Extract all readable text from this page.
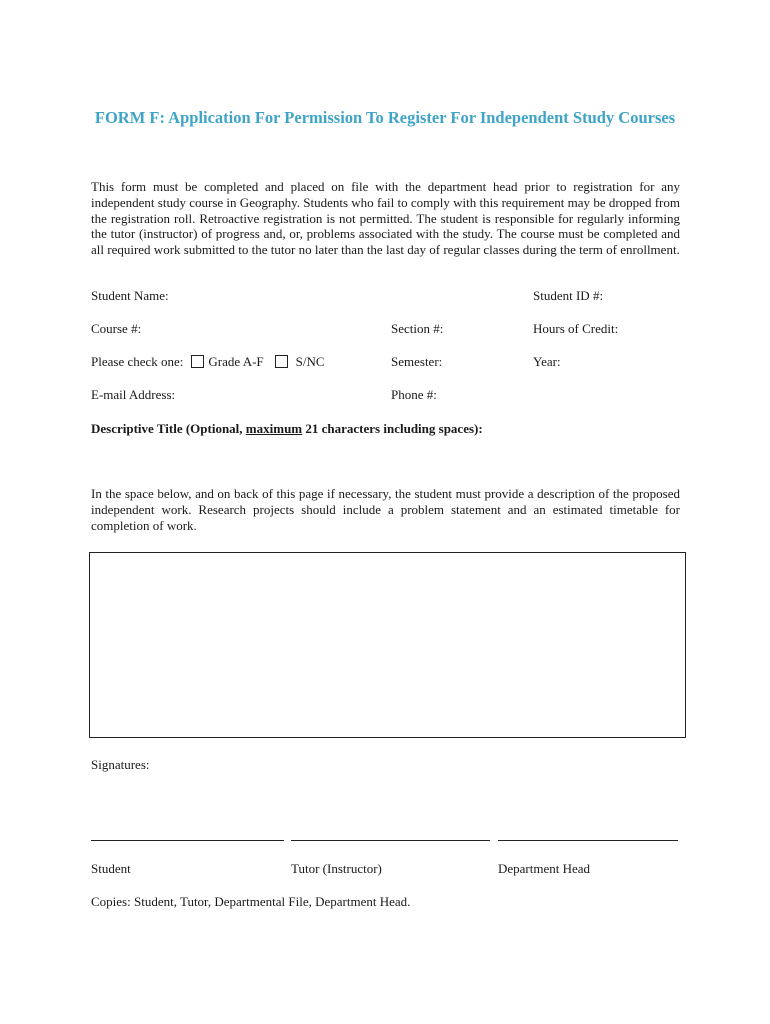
FORM F: Application For Permission To Register For Independent Study Courses
This form must be completed and placed on file with the department head prior to registration for any independent study course in Geography. Students who fail to comply with this requirement may be dropped from the registration roll. Retroactive registration is not permitted. The student is responsible for regularly informing the tutor (instructor) of progress and, or, problems associated with the study. The course must be completed and all required work submitted to the tutor no later than the last day of regular classes during the term of enrollment.
Student Name:	Student ID #:
Course #:	Section #:	Hours of Credit:
Please check one: Grade A-F S/NC	Semester:	Year:
E-mail Address:	Phone #:
Descriptive Title (Optional, maximum 21 characters including spaces):
In the space below, and on back of this page if necessary, the student must provide a description of the proposed independent work. Research projects should include a problem statement and an estimated timetable for completion of work.
Signatures:
Student	Tutor (Instructor)	Department Head
Copies: Student, Tutor, Departmental File, Department Head.
